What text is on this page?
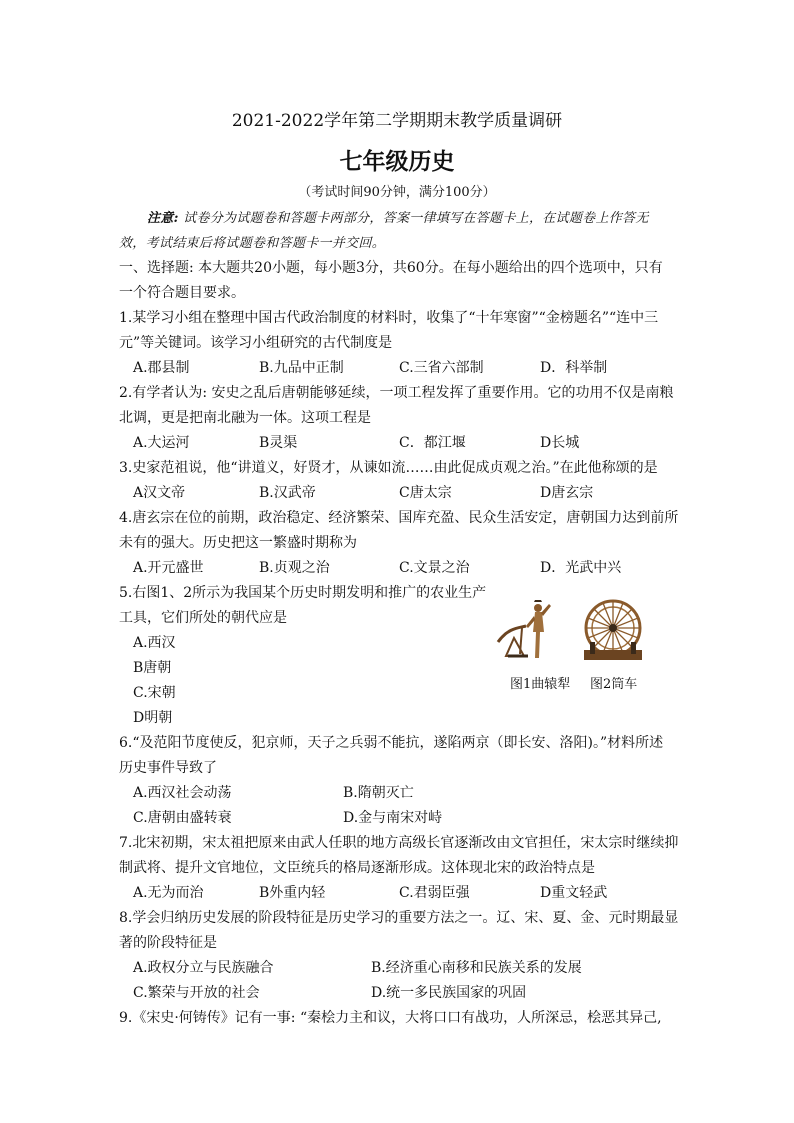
2021-2022学年第二学期期末教学质量调研
七年级历史
（考试时间90分钟，满分100分）
注意: 试卷分为试题卷和答题卡两部分，答案一律填写在答题卡上，在试题卷上作答无
效，考试结束后将试题卷和答题卡一并交回。
一、选择题: 本大题共20小题，每小题3分，共60分。在每小题给出的四个选项中，只有
一个符合题目要求。
1.某学习小组在整理中国古代政治制度的材料时，收集了“十年寒窗”“金榜题名”“连中三
元”等关键词。该学习小组研究的古代制度是
A.郡县制	B.九品中正制	C.三省六部制	D．科举制
2.有学者认为: 安史之乱后唐朝能够延续，一项工程发挥了重要作用。它的功用不仅是南粮
北调，更是把南北融为一体。这项工程是
A.大运河	B灵渠	C．都江堰	D长城
3.史家范祖说，他“讲道义，好贤才，从谏如流……由此促成贞观之治。”在此他称颂的是
A汉文帝	B.汉武帝	C唐太宗	D唐玄宗
4.唐玄宗在位的前期，政治稳定、经济繁荣、国库充盈、民众生活安定，唐朝国力达到前所
未有的强大。历史把这一繁盛时期称为
A.开元盛世	B.贞观之治	C.文景之治	D．光武中兴
5.右图1、2所示为我国某个历史时期发明和推广的农业生产
工具，它们所处的朝代应是
A.西汉
B唐朝
C.宋朝
D明朝
图1曲辕犁 图2筒车
6.“及范阳节度使反，犯京师，天子之兵弱不能抗，遂陷两京（即长安、洛阳)。”材料所述
历史事件导致了
A.西汉社会动荡	B.隋朝灭亡
C.唐朝由盛转衰	D.金与南宋对峙
7.北宋初期，宋太祖把原来由武人任职的地方高级长官逐渐改由文官担任，宋太宗时继续抑
制武将、提升文官地位，文臣统兵的格局逐渐形成。这体现北宋的政治特点是
A.无为而治	B外重内轻	C.君弱臣强	D重文轻武
8.学会归纳历史发展的阶段特征是历史学习的重要方法之一。辽、宋、夏、金、元时期最显
著的阶段特征是
A.政权分立与民族融合	B.经济重心南移和民族关系的发展
C.繁荣与开放的社会	D.统一多民族国家的巩固
9.《宋史·何铸传》记有一事: “秦桧力主和议，大将口口有战功，人所深忌，桧恶其异己,
